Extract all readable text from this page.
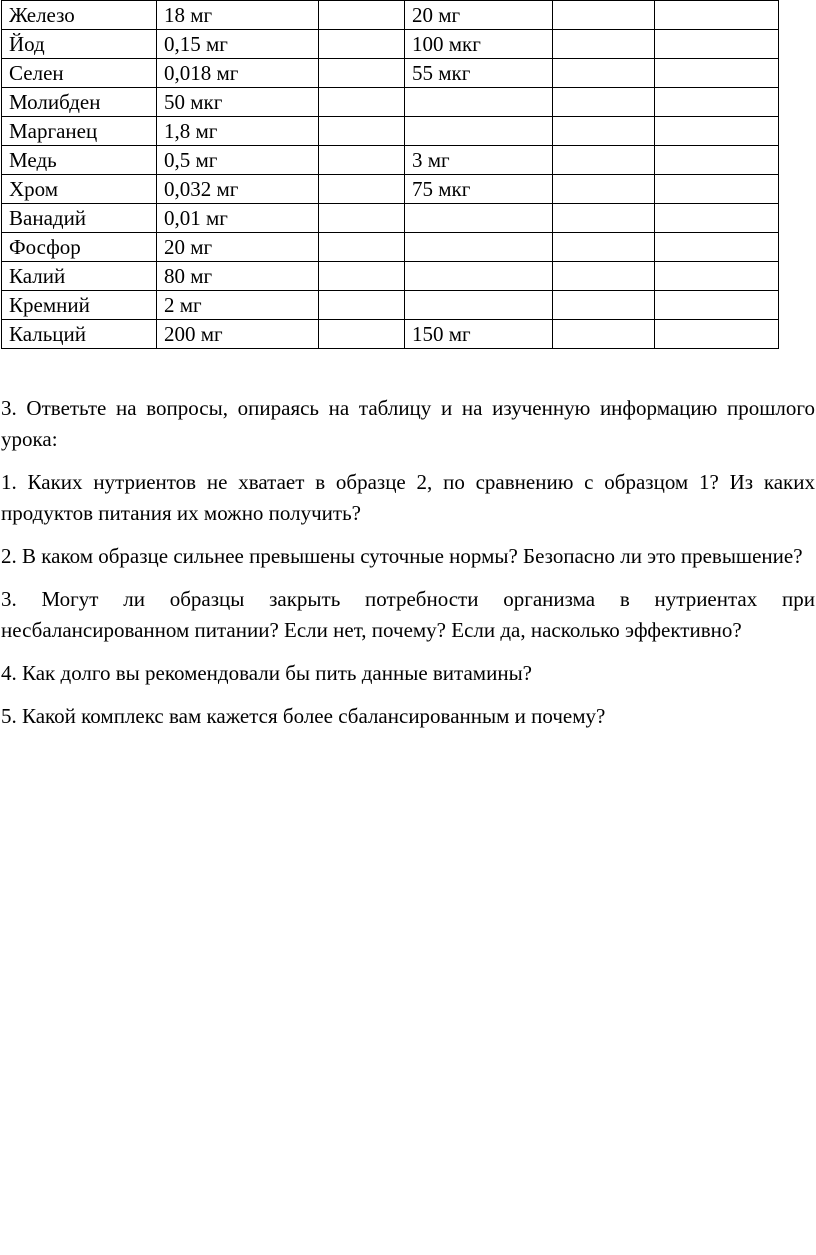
Железо	18 мг		20 мг		
Йод	0,15 мг		100 мкг		
Селен	0,018 мг		55 мкг		
Молибден	50 мкг				
Марганец	1,8 мг				
Медь	0,5 мг		3 мг		
Хром	0,032 мг		75 мкг		
Ванадий	0,01 мг				
Фосфор	20 мг				
Калий	80 мг				
Кремний	2 мг				
Кальций	200 мг		150 мг		

3. Ответьте на вопросы, опираясь на таблицу и на изученную информацию прошлого урока:

1. Каких нутриентов не хватает в образце 2, по сравнению с образцом 1? Из каких продуктов питания их можно получить?

2. В каком образце сильнее превышены суточные нормы? Безопасно ли это превышение?

3. Могут ли образцы закрыть потребности организма в нутриентах при несбалансированном питании? Если нет, почему? Если да, насколько эффективно?

4. Как долго вы рекомендовали бы пить данные витамины?

5. Какой комплекс вам кажется более сбалансированным и почему?
